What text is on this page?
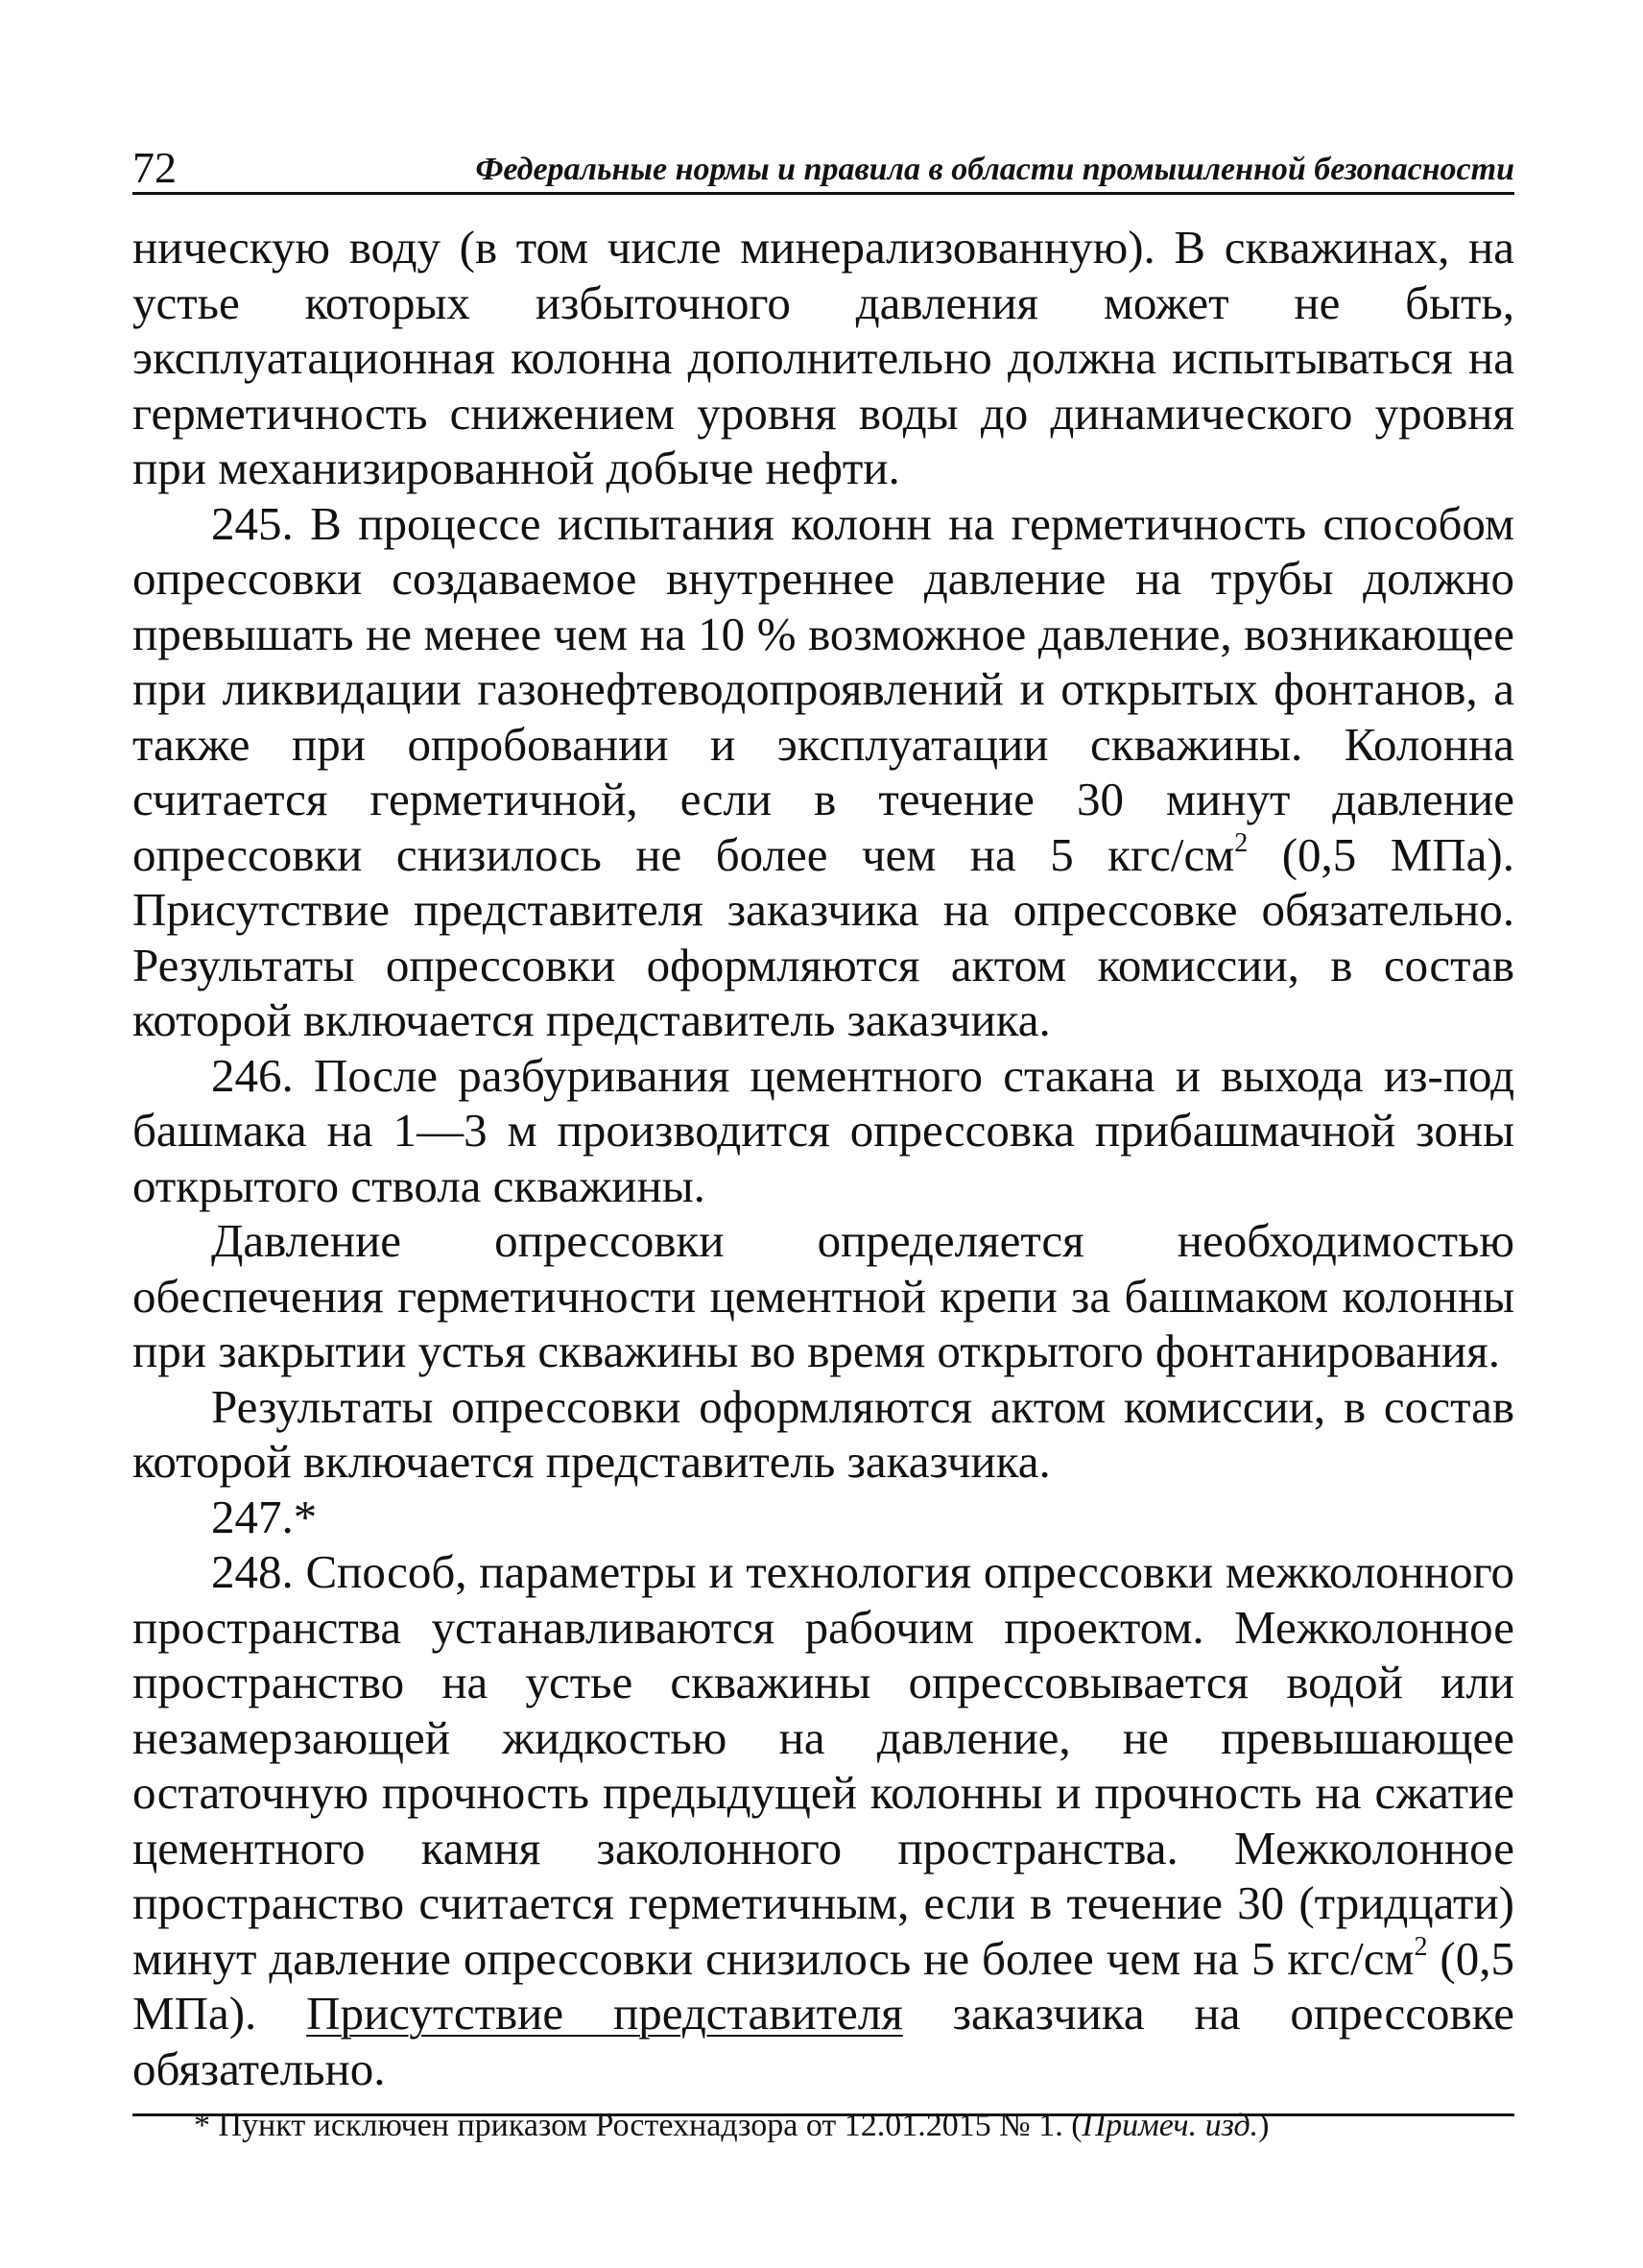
72	Федеральные нормы и правила в области промышленной безопасности

ническую воду (в том числе минерализованную). В скважинах, на устье которых избыточного давления может не быть, эксплуатационная колонна дополнительно должна испытываться на герметичность снижением уровня воды до динамического уровня при механизированной добыче нефти.

245. В процессе испытания колонн на герметичность способом опрессовки создаваемое внутреннее давление на трубы должно превышать не менее чем на 10 % возможное давление, возникающее при ликвидации газонефтеводопроявлений и открытых фонтанов, а также при опробовании и эксплуатации скважины. Колонна считается герметичной, если в течение 30 минут давление опрессовки снизилось не более чем на 5 кгс/$см^2$ (0,5 МПа). Присутствие представителя заказчика на опрессовке обязательно. Результаты опрессовки оформляются актом комиссии, в состав которой включается представитель заказчика.

246. После разбуривания цементного стакана и выхода из-под башмака на 1—3 м производится опрессовка прибашмачной зоны открытого ствола скважины.

Давление опрессовки определяется необходимостью обеспечения герметичности цементной крепи за башмаком колонны при закрытии устья скважины во время открытого фонтанирования.

Результаты опрессовки оформляются актом комиссии, в состав которой включается представитель заказчика.

247.*

248. Способ, параметры и технология опрессовки межколонного пространства устанавливаются рабочим проектом. Межколонное пространство на устье скважины опрессовывается водой или незамерзающей жидкостью на давление, не превышающее остаточную прочность предыдущей колонны и прочность на сжатие цементного камня заколонного пространства. Межколонное пространство считается герметичным, если в течение 30 (тридцати) минут давление опрессовки снизилось не более чем на 5 кгс/$см^2$ (0,5 МПа). Присутствие представителя заказчика на опрессовке обязательно.

* Пункт исключен приказом Ростехнадзора от 12.01.2015 № 1. (Примеч. изд.)
